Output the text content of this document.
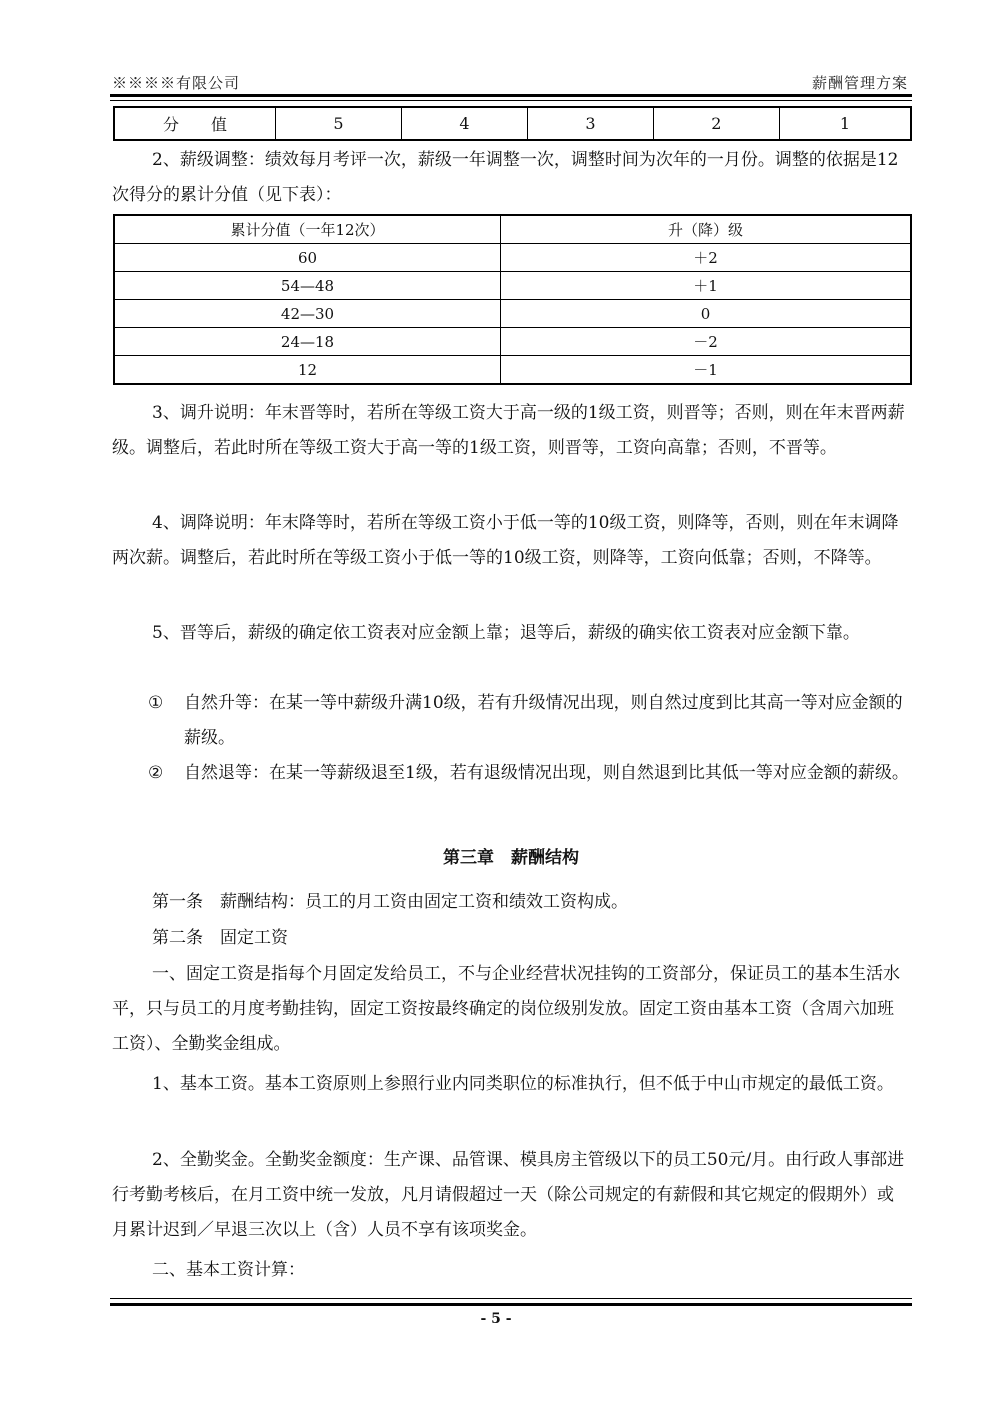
※※※※有限公司	薪酬管理方案
分　　值	5	4	3	2	1

2、薪级调整：绩效每月考评一次，薪级一年调整一次，调整时间为次年的一月份。调整的依据是12次得分的累计分值（见下表）：

累计分值（一年12次）	升（降）级
60	＋2
54—48	＋1
42—30	0
24—18	－2
12	－1

3、调升说明：年末晋等时，若所在等级工资大于高一级的1级工资，则晋等；否则，则在年末晋两薪级。调整后，若此时所在等级工资大于高一等的1级工资，则晋等，工资向高靠；否则，不晋等。

4、调降说明：年末降等时，若所在等级工资小于低一等的10级工资，则降等，否则，则在年末调降两次薪。调整后，若此时所在等级工资小于低一等的10级工资，则降等，工资向低靠；否则，不降等。

5、晋等后，薪级的确定依工资表对应金额上靠；退等后，薪级的确实依工资表对应金额下靠。

① 自然升等：在某一等中薪级升满10级，若有升级情况出现，则自然过度到比其高一等对应金额的薪级。
② 自然退等：在某一等薪级退至1级，若有退级情况出现，则自然退到比其低一等对应金额的薪级。
第三章　薪酬结构

第一条　薪酬结构：员工的月工资由固定工资和绩效工资构成。

第二条　固定工资

一、固定工资是指每个月固定发给员工，不与企业经营状况挂钩的工资部分，保证员工的基本生活水平，只与员工的月度考勤挂钩，固定工资按最终确定的岗位级别发放。固定工资由基本工资（含周六加班工资）、全勤奖金组成。

1、基本工资。基本工资原则上参照行业内同类职位的标准执行，但不低于中山市规定的最低工资。

2、全勤奖金。全勤奖金额度：生产课、品管课、模具房主管级以下的员工50元/月。由行政人事部进行考勤考核后，在月工资中统一发放，凡月请假超过一天（除公司规定的有薪假和其它规定的假期外）或月累计迟到／早退三次以上（含）人员不享有该项奖金。

二、基本工资计算：

- 5 -
